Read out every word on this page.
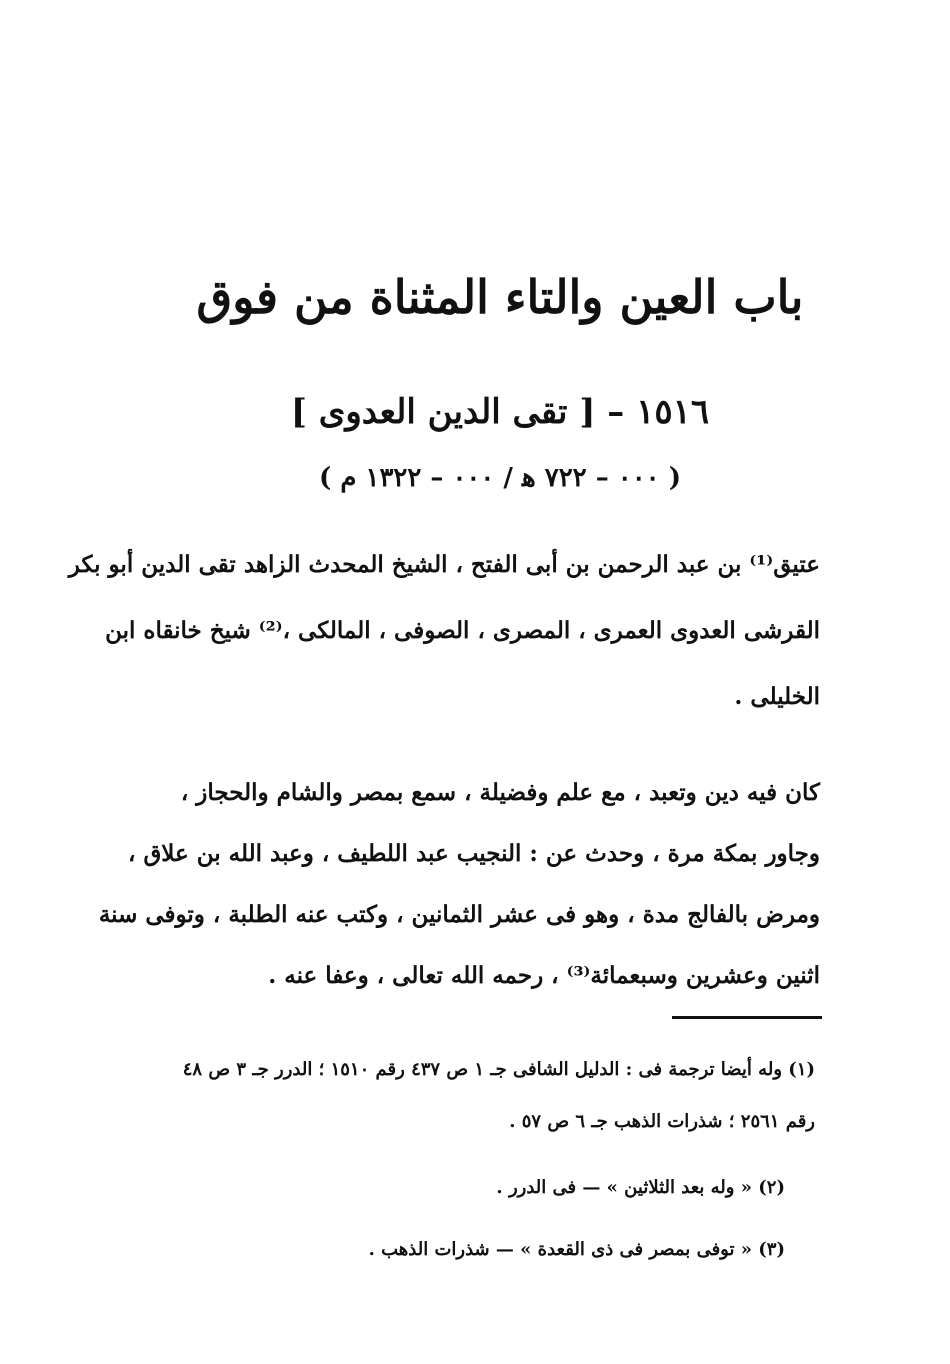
باب العين والتاء المثناة من فوق
١٥١٦ – [ تقى الدين العدوى ]
( ٠٠٠ – ٧٢٢ ﻫ / ٠٠٠ – ١٣٢٢ م )
عتيق⁽¹⁾ بن عبد الرحمن بن أبى الفتح ، الشيخ المحدث الزاهد تقى الدين أبو بكر
القرشى العدوى العمرى ، المصرى ، الصوفى ، المالكى ،⁽²⁾ شيخ خانقاه ابن
الخليلى .
كان فيه دين وتعبد ، مع علم وفضيلة ، سمع بمصر والشام والحجاز ،
وجاور بمكة مرة ، وحدث عن : النجيب عبد اللطيف ، وعبد الله بن علاق ،
ومرض بالفالج مدة ، وهو فى عشر الثمانين ، وكتب عنه الطلبة ، وتوفى سنة
اثنين وعشرين وسبعمائة⁽³⁾ ، رحمه الله تعالى ، وعفا عنه .
(١) وله أيضا ترجمة فى : الدليل الشافى جـ ١ ص ٤٣٧ رقم ١٥١٠ ؛ الدرر جـ ٣ ص ٤٨
رقم ٢٥٦١ ؛ شذرات الذهب جـ ٦ ص ٥٧ .
(٢) « وله بعد الثلاثين » — فى الدرر .
(٣) « توفى بمصر فى ذى القعدة » — شذرات الذهب .
